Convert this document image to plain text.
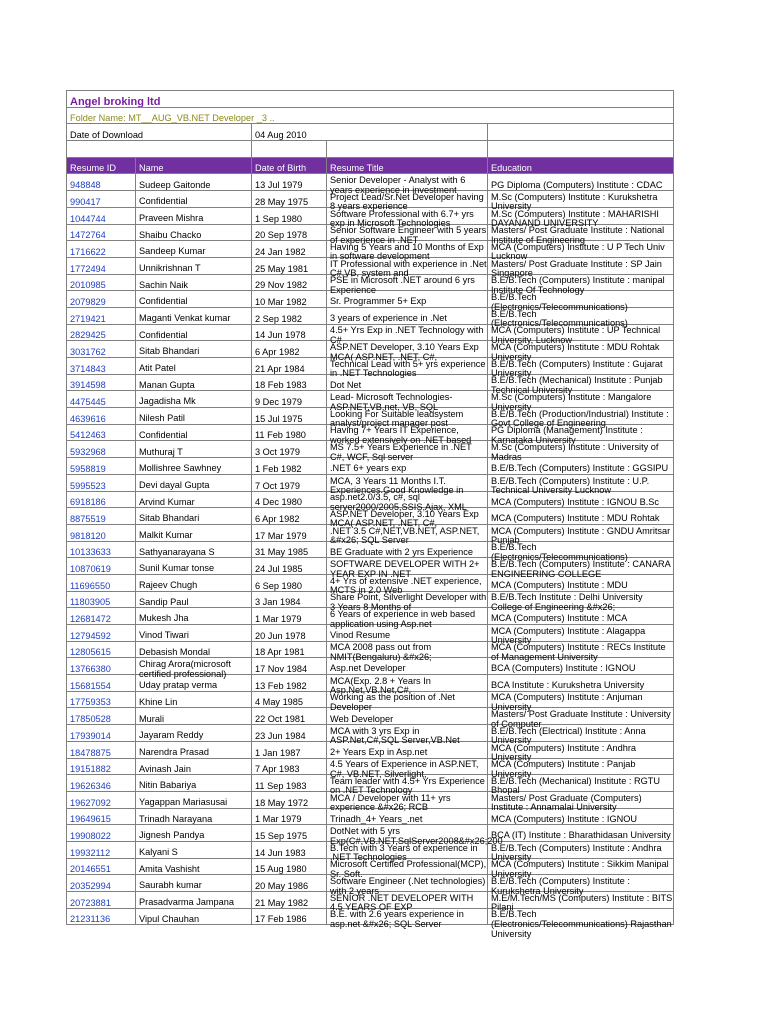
Angel broking ltd				
Folder Name: MT__AUG_VB.NET Developer _3 ..				
Date of Download		04 Aug 2010		

Resume ID	Name	Date of Birth	Resume Title	Education
948848	Sudeep Gaitonde	13 Jul 1979	Senior Developer - Analyst with 6 years experience in investment	PG Diploma (Computers) Institute : CDAC

990417	Confidential	28 May 1975	Project Lead/Sr.Net Developer having 8 years experience	M.Sc (Computers) Institute : Kurukshetra University

1044744	Praveen Mishra	1 Sep 1980	Software Professional with 6.7+ yrs exp in Microsoft Technologies	M.Sc (Computers) Institute : MAHARISHI DAYANAND UNIVERSITY

1472764	Shaibu Chacko	20 Sep 1978	Senior Software Engineer with 5 years of experience in .NET	Masters/ Post Graduate Institute : National Institute of Engineering

1716622	Sandeep Kumar	24 Jan 1982	Having 5 Years and 10 Months of Exp in software development	MCA (Computers) Institute : U P Tech Univ Lucknow

1772494	Unnikrishnan T	25 May 1981	IT Professional with experience in .Net C#,VB, system and	Masters/ Post Graduate Institute : SP Jain Singapore

2010985	Sachin Naik	29 Nov 1982	PSE in Microsoft .NET around 6 yrs Experience	B.E/B.Tech (Computers) Institute : manipal Institute Of Technology

2079829	Confidential	10 Mar 1982	Sr. Programmer 5+ Exp	B.E/B.Tech (Electronics/Telecommunications)

2719421	Maganti Venkat kumar	2 Sep 1982	3 years of experience in .Net	B.E/B.Tech (Electronics/Telecommunications)

2829425	Confidential	14 Jun 1978	4.5+ Yrs Exp in .NET Technology with C#	MCA (Computers) Institute : UP Technical University, Lucknow

3031762	Sitab Bhandari	6 Apr 1982	ASP.NET Developer, 3.10 Years Exp MCA( ASP.NET, .NET, C#,	MCA (Computers) Institute : MDU Rohtak University

3714843	Atit Patel	21 Apr 1984	Technical Lead with 5+ yrs experience in .NET Technologies	B.E/B.Tech (Computers) Institute : Gujarat University

3914598	Manan Gupta	18 Feb 1983	Dot Net	B.E/B.Tech (Mechanical) Institute : Punjab Technical University

4475445	Jagadisha Mk	9 Dec 1979	Lead- Microsoft Technologies-ASP.NET,VB.net, VB, SQL	M.Sc (Computers) Institute : Mangalore University

4639616	Nilesh Patil	15 Jul 1975	Looking For Suitable leadsystem analyst/project manager post	B.E/B.Tech (Production/Industrial) Institute : Govt College of Engineering

5412463	Confidential	11 Feb 1980	Having 7+ Years IT Experience, worked extensively on .NET based	PG Diploma (Management) Institute : Karnataka University

5932968	Muthuraj T	3 Oct 1979	MS 7.5+ Years Experience in .NET C#, WCF, Sql server	M.Sc (Computers) Institute : University of Madras

5958819	Mollishree Sawhney	1 Feb 1982	.NET 6+ years exp	B.E/B.Tech (Computers) Institute : GGSIPU

5995523	Devi dayal Gupta	7 Oct 1979	MCA, 3 Years 11 Months I.T. Experiences.Good Knowledge in	B.E/B.Tech (Computers) Institute : U.P. Technical University Lucknow

6918186	Arvind Kumar	4 Dec 1980	asp.net2.0/3.5, c#, sql server2000/2005,SSIS,Ajax, XML	MCA (Computers) Institute : IGNOU B.Sc

8875519	Sitab Bhandari	6 Apr 1982	ASP.NET Developer, 3.10 Years Exp MCA( ASP.NET, .NET, C#,	MCA (Computers) Institute : MDU Rohtak

9818120	Malkit Kumar	17 Mar 1979	.NET 3.5 C#,NET,VB.NET, ASP.NET, &#x26; SQL Server	MCA (Computers) Institute : GNDU Amritsar Punjab

10133633	Sathyanarayana S	31 May 1985	BE Graduate with 2 yrs Experience	B.E/B.Tech (Electronics/Telecommunications)

10870619	Sunil Kumar tonse	24 Jul 1985	SOFTWARE DEVELOPER WITH 2+ YEAR EXP IN .NET	B.E/B.Tech (Computers) Institute : CANARA ENGINEERING COLLEGE

11696550	Rajeev Chugh	6 Sep 1980	4+ Yrs of extensive .NET experience, MCTS in 2.0 Web	MCA (Computers) Institute : MDU

11803905	Sandip Paul	3 Jan 1984	Share Point, Silverlight Developer with 3 Years 8 Months of	B.E/B.Tech Institute : Delhi University College of Engineering &#x26;

12681472	Mukesh Jha	1 Mar 1979	6 Years of experience in web based application using Asp.net	MCA (Computers) Institute : MCA

12794592	Vinod Tiwari	20 Jun 1978	Vinod Resume	MCA (Computers) Institute : Alagappa University

12805615	Debasish Mondal	18 Apr 1981	MCA 2008 pass out from NMIT(Bengaluru) &#x26;	MCA (Computers) Institute : RECs Institute of Management University

13766380	Chirag Arora(microsoft certified professional)	17 Nov 1984	Asp.net Developer	BCA (Computers) Institute : IGNOU

15681554	Uday pratap verma	13 Feb 1982	MCA(Exp. 2.8 + Years In Asp.Net,VB.Net,C#,	BCA Institute : Kurukshetra University

17759353	Khine Lin	4 May 1985	Working as the position of .Net Developer	MCA (Computers) Institute : Anjuman University

17850528	Murali	22 Oct 1981	Web Developer	Masters/ Post Graduate Institute : University of Computer

17939014	Jayaram Reddy	23 Jun 1984	MCA with 3 yrs Exp in ASP.Net,C#,SQL Server,VB.Net	B.E/B.Tech (Electrical) Institute : Anna University

18478875	Narendra Prasad	1 Jan 1987	2+ Years Exp in Asp.net	MCA (Computers) Institute : Andhra University

19151882	Avinash Jain	7 Apr 1983	4.5 Years of Experience in ASP.NET, C#, VB.NET, Silverlight,	MCA (Computers) Institute : Panjab University

19626346	Nitin Babariya	11 Sep 1983	Team leader with 4.5+ Yrs Experience on .NET Technology	B.E/B.Tech (Mechanical) Institute : RGTU Bhopal

19627092	Yagappan Mariasusai	18 May 1972	MCA / Developer with 11+ yrs experience &#x26; RCB	Masters/ Post Graduate (Computers) Institute : Annamalai University

19649615	Trinadh Narayana	1 Mar 1979	Trinadh_4+ Years_.net	MCA (Computers) Institute : IGNOU

19908022	Jignesh Pandya	15 Sep 1975	DotNet with 5 yrs Exp(C#,VB.NET,SqlServer2008&#x26;200	BCA (IT) Institute : Bharathidasan University

19932112	Kalyani S	14 Jun 1983	B.Tech with 3 Years of experience in .NET Technologies	B.E/B.Tech (Computers) Institute : Andhra University

20146551	Amita Vashisht	15 Aug 1980	Microsoft Certified Professional(MCP), Sr. Soft.	MCA (Computers) Institute : Sikkim Manipal University

20352994	Saurabh kumar	20 May 1986	Software Engineer (.Net technologies) with 2 years	B.E/B.Tech (Computers) Institute : Kurukshetra University

20723881	Prasadvarma Jampana	21 May 1982	SENIOR .NET DEVELOPER WITH 4.5 YEARS OF EXP	M.E/M.Tech/MS (Computers) Institute : BITS Pilani

21231136	Vipul Chauhan	17 Feb 1986	B.E. with 2.6 years experience in asp.net &#x26; SQL Server	B.E/B.Tech (Electronics/Telecommunications) Rajasthan University
